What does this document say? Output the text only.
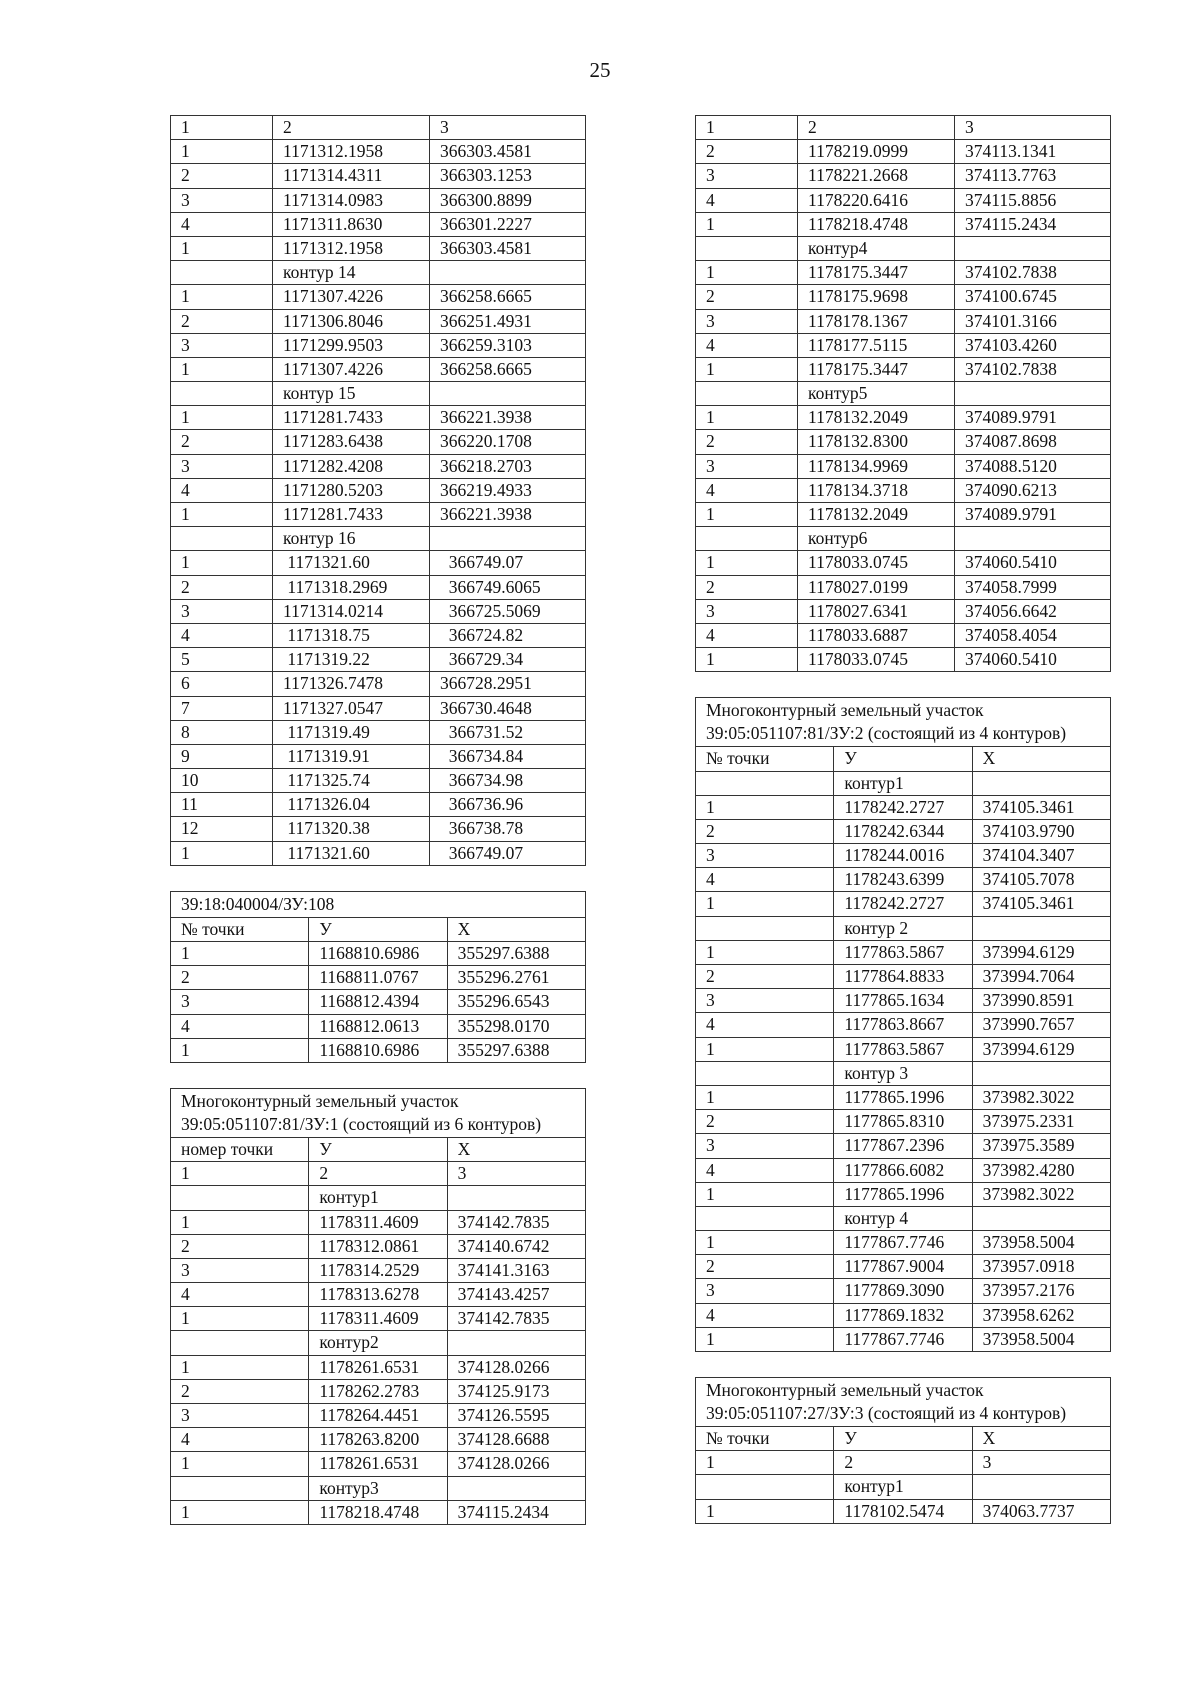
25
1	2	3
1	1171312.1958	366303.4581
2	1171314.4311	366303.1253
3	1171314.0983	366300.8899
4	1171311.8630	366301.2227
1	1171312.1958	366303.4581
	контур 14	
1	1171307.4226	366258.6665
2	1171306.8046	366251.4931
3	1171299.9503	366259.3103
1	1171307.4226	366258.6665
	контур 15	
1	1171281.7433	366221.3938
2	1171283.6438	366220.1708
3	1171282.4208	366218.2703
4	1171280.5203	366219.4933
1	1171281.7433	366221.3938
	контур 16	
1	1171321.60	366749.07
2	1171318.2969	366749.6065
3	1171314.0214	366725.5069
4	1171318.75	366724.82
5	1171319.22	366729.34
6	1171326.7478	366728.2951
7	1171327.0547	366730.4648
8	1171319.49	366731.52
9	1171319.91	366734.84
10	1171325.74	366734.98
11	1171326.04	366736.96
12	1171320.38	366738.78
1	1171321.60	366749.07
39:18:040004/ЗУ:108		
№ точки	У	Х
1	1168810.6986	355297.6388
2	1168811.0767	355296.2761
3	1168812.4394	355296.6543
4	1168812.0613	355298.0170
1	1168810.6986	355297.6388
Многоконтурный земельный участок 39:05:051107:81/ЗУ:1 (состоящий из 6 контуров)		
номер точки	У	Х
1	2	3
	контур1	
1	1178311.4609	374142.7835
2	1178312.0861	374140.6742
3	1178314.2529	374141.3163
4	1178313.6278	374143.4257
1	1178311.4609	374142.7835
	контур2	
1	1178261.6531	374128.0266
2	1178262.2783	374125.9173
3	1178264.4451	374126.5595
4	1178263.8200	374128.6688
1	1178261.6531	374128.0266
	контур3	
1	1178218.4748	374115.2434
1	2	3
2	1178219.0999	374113.1341
3	1178221.2668	374113.7763
4	1178220.6416	374115.8856
1	1178218.4748	374115.2434
	контур4	
1	1178175.3447	374102.7838
2	1178175.9698	374100.6745
3	1178178.1367	374101.3166
4	1178177.5115	374103.4260
1	1178175.3447	374102.7838
	контур5	
1	1178132.2049	374089.9791
2	1178132.8300	374087.8698
3	1178134.9969	374088.5120
4	1178134.3718	374090.6213
1	1178132.2049	374089.9791
	контур6	
1	1178033.0745	374060.5410
2	1178027.0199	374058.7999
3	1178027.6341	374056.6642
4	1178033.6887	374058.4054
1	1178033.0745	374060.5410
Многоконтурный земельный участок 39:05:051107:81/ЗУ:2 (состоящий из 4 контуров)		
№ точки	У	Х
	контур1	
1	1178242.2727	374105.3461
2	1178242.6344	374103.9790
3	1178244.0016	374104.3407
4	1178243.6399	374105.7078
1	1178242.2727	374105.3461
	контур 2	
1	1177863.5867	373994.6129
2	1177864.8833	373994.7064
3	1177865.1634	373990.8591
4	1177863.8667	373990.7657
1	1177863.5867	373994.6129
	контур 3	
1	1177865.1996	373982.3022
2	1177865.8310	373975.2331
3	1177867.2396	373975.3589
4	1177866.6082	373982.4280
1	1177865.1996	373982.3022
	контур 4	
1	1177867.7746	373958.5004
2	1177867.9004	373957.0918
3	1177869.3090	373957.2176
4	1177869.1832	373958.6262
1	1177867.7746	373958.5004
Многоконтурный земельный участок 39:05:051107:27/ЗУ:3 (состоящий из 4 контуров)		
№ точки	У	Х
1	2	3
	контур1	
1	1178102.5474	374063.7737
